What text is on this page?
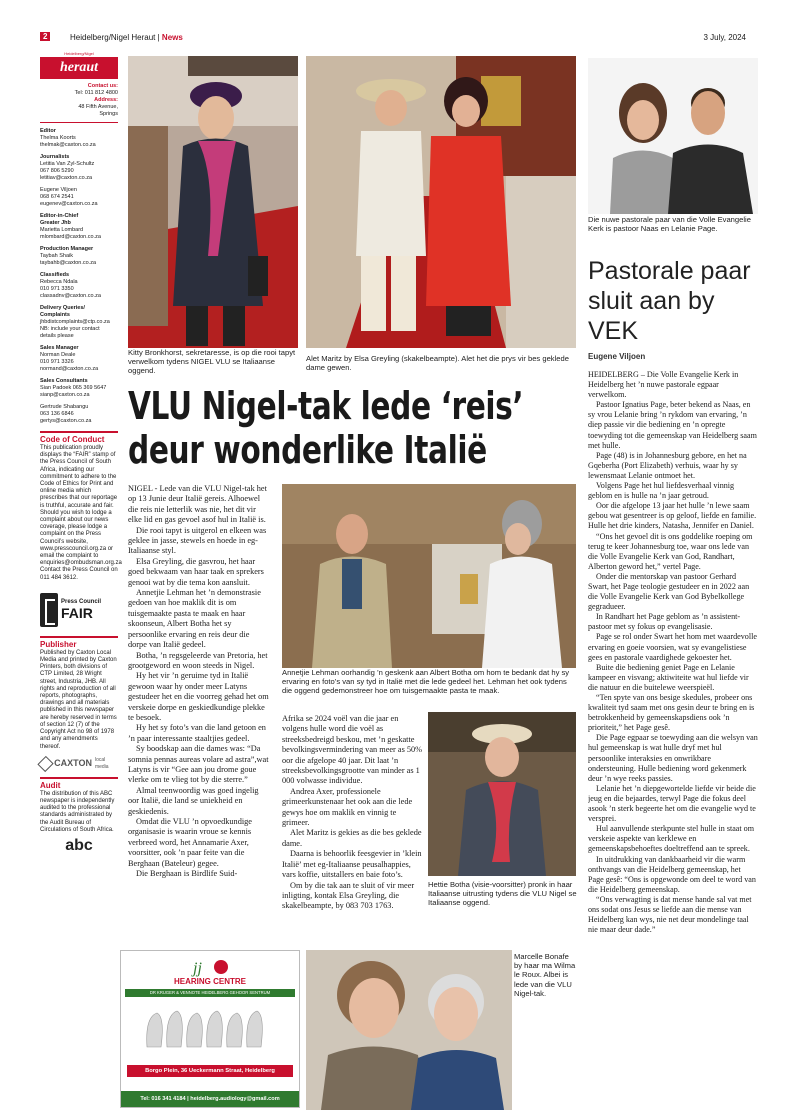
2	Heidelberg/Nigel Heraut | News	3 July, 2024
Heidelberg/Nigel
heraut
Contact us:
Tel: 011 812 4800
Address:
48 Fifth Avenue,
Springs
Editor
Thelma Koorts
thelmak@caxton.co.za
Journalists
Letitia Van Zyl-Schultz
067 806 5290
letitiav@caxton.co.za
Eugene Viljoen
068 674 2541
eugenev@caxton.co.za
Editor-in-Chief
Greater Jhb
Marietta Lombard
mlombard@caxton.co.za
Production Manager
Taybah Shaik
taybahb@caxton.co.za
Classifieds
Rebecca Ndala
010 971 3350
classadnv@caxton.co.za
Delivery Queries/
Complaints
jhbdistcomplaints@ctp.co.za
NB: include your contact
details please
Sales Manager
Norman Deale
010 971 3326
normand@caxton.co.za
Sales Consultants
Sian Padoek 065 369 5647
sianp@caxton.co.za
Gertrude Shabangu
063 136 6846
gertys@caxton.co.za
Code of Conduct
This publication proudly displays the “FAIR” stamp of the Press Council of South Africa, indicating our commitment to adhere to the Code of Ethics for Print and online media which prescribes that our reportage is truthful, accurate and fair. Should you wish to lodge a complaint about our news coverage, please lodge a complaint on the Press Council’s website, www.presscouncil.org.za or email the complaint to enquiries@ombudsman.org.za Contact the Press Council on 011 484 3612.
Press Council
FAIR
Publisher
Published by Caxton Local Media and printed by Caxton Printers, both divisions of CTP Limited, 28 Wright street, Industria, JHB. All rights and reproduction of all reports, photographs, drawings and all materials published in this newspaper are hereby reserved in terms of section 12 (7) of the Copyright Act no 98 of 1978 and any amendments thereof.
CAXTON local media
Audit
The distribution of this ABC newspaper is independently audited to the professional standards administrated by the Audit Bureau of Circulations of South Africa.
abc
Kitty Bronkhorst, sekretaresse, is op die rooi tapyt verwelkom tydens NIGEL VLU se Italiaanse oggend.
Alet Maritz by Elsa Greyling (skakelbeampte). Alet het die prys vir bes geklede dame gewen.
Die nuwe pastorale paar van die Volle Evangelie Kerk is pastoor Naas en Lelanie Page.
Pastorale paar sluit aan by VEK
Eugene Viljoen
VLU Nigel-tak lede ‘reis’
deur wonderlike Italië

NIGEL - Lede van die VLU Nigel-tak het op 13 Junie deur Italië gereis. Alhoewel die reis nie letterlik was nie, het dit vir elke lid en gas gevoel asof hul in Italië is.

Die rooi tapyt is uitgerol en elkeen was geklee in jasse, stewels en hoede in eg-Italiaanse styl.

Elsa Greyling, die gasvrou, het haar goed bekwaam van haar taak en sprekers genooi wat by die tema kon aansluit.

Annetjie Lehman het ’n demonstrasie gedoen van hoe maklik dit is om tuisgemaakte pasta te maak en haar skoonseun, Albert Botha het sy persoonlike ervaring en reis deur die dorpe van Italië gedeel.

Botha, ’n regsgeleerde van Pretoria, het grootgeword en woon steeds in Nigel.

Hy het vir ’n geruime tyd in Italië gewoon waar hy onder meer Latyns gestudeer het en die voorreg gehad het om verskeie dorpe en geskiedkundige plekke te besoek.

Hy het sy foto’s van die land getoon en ’n paar interessante staaltjies gedeel.

Sy boodskap aan die dames was: “Da somnia pennas aureas volare ad astra”,wat Latyns is vir “Gee aan jou drome goue vlerke om te vlieg tot by die sterre.”

Almal teenwoordig was goed ingelig oor Italië, die land se uniekheid en geskiedenis.

Omdat die VLU ’n opvoedkundige organisasie is waarin vroue se kennis verbreed word, het Annamarie Axer, voorsitter, ook ’n paar feite van die Berghaan (Bateleur) gegee.

Die Berghaan is Birdlife Suid-

Annetjie Lehman oorhandig ’n geskenk aan Albert Botha om hom te bedank dat hy sy ervaring en foto’s van sy tyd in Italië met die lede gedeel het. Lehman het ook tydens die oggend gedemonstreer hoe om tuisgemaakte pasta te maak.

Afrika se 2024 voël van die jaar en volgens hulle word die voël as streeksbedreigd beskou, met ’n geskatte bevolkingsvermindering van meer as 50% oor die afgelope 40 jaar. Dit laat ’n streeksbevolkingsgrootte van minder as 1 000 volwasse individue.

Andrea Axer, professionele grimeerkunstenaar het ook aan die lede gewys hoe om maklik en vinnig te grimeer.

Alet Maritz is gekies as die bes geklede dame.

Daarna is behoorlik feesgevier in ’klein Italië’ met eg-Italiaanse peusalhappies, vars koffie, uitstallers en baie foto’s.

Om by die tak aan te sluit of vir meer inligting, kontak Elsa Greyling, die skakelbeampte, by 083 703 1763.

Hettie Botha (visie-voorsitter) pronk in haar Italiaanse uitrusting tydens die VLU Nigel se Italiaanse oggend.
Marcelle Bonafe by haar ma Wilma le Roux. Albei is lede van die VLU Nigel-tak.
jj
HEARING CENTRE
DR KRUGER & VENNOTE HEIDELBERG GEHOOR SENTRUM
Borgo Plein, 36 Ueckermann Straat, Heidelberg
Tel: 016 341 4184 | heidelberg.audiology@gmail.com

HEIDELBERG – Die Volle Evangelie Kerk in Heidelberg het ’n nuwe pastorale egpaar verwelkom.

Pastoor Ignatius Page, beter bekend as Naas, en sy vrou Lelanie bring ’n rykdom van ervaring, ’n diep passie vir die bediening en ’n opregte toewyding tot die gemeenskap van Heidelberg saam met hulle.

Page (48) is in Johannesburg gebore, en het na Gqeberha (Port Elizabeth) verhuis, waar hy sy lewensmaat Lelanie ontmoet het.

Volgens Page het hul liefdesverhaal vinnig geblom en is hulle na ’n jaar getroud.

Oor die afgelope 13 jaar het hulle ’n lewe saam gebou wat gesentreer is op geloof, liefde en familie. Hulle het drie kinders, Natasha, Jennifer en Daniel.

“Ons het gevoel dit is ons goddelike roeping om terug te keer Johannesburg toe, waar ons lede van die Volle Evangelie Kerk van God, Randhart, Alberton geword het,” vertel Page.

Onder die mentorskap van pastoor Gerhard Swart, het Page teologie gestudeer en in 2022 aan die Volle Evangelie Kerk van God Bybelkollege gegradueer.

In Randhart het Page geblom as ’n assistent-pastoor met sy fokus op evangelisasie.

Page se rol onder Swart het hom met waardevolle ervaring en goeie voorsien, wat sy evangelistiese gees en pastorale vaardighede gekoester het.

Buite die bediening geniet Page en Lelanie kampeer en visvang; aktiwiteite wat hul liefde vir die natuur en die buitelewe weerspieël.

“Ten spyte van ons besige skedules, probeer ons kwaliteit tyd saam met ons gesin deur te bring en is betrokkenheid by gemeenskapsdiens ook ’n prioriteit,” het Page gesê.

Die Page egpaar se toewyding aan die welsyn van hul gemeenskap is wat hulle dryf met hul persoonlike interaksies en onwrikbare ondersteuning. Hulle bediening word gekenmerk deur ’n wye reeks passies.

Lelanie het ’n diepgewortelde liefde vir beide die jeug en die bejaardes, terwyl Page die fokus deel asook ’n sterk begeerte het om die evangelie wyd te versprei.

Hul aanvullende sterkpunte stel hulle in staat om verskeie aspekte van kerklewe en gemeenskapsbehoeftes doeltreffend aan te spreek.

In uitdrukking van dankbaarheid vir die warm onthvangs van die Heidelberg gemeenskap, het Page gesê: “Ons is opgewonde om deel te word van die Heidelberg gemeenskap.

“Ons verwagting is dat mense hande sal vat met ons sodat ons Jesus se liefde aan die mense van Heidelberg kan wys, nie net deur mondelinge taal nie maar deur dade.”
